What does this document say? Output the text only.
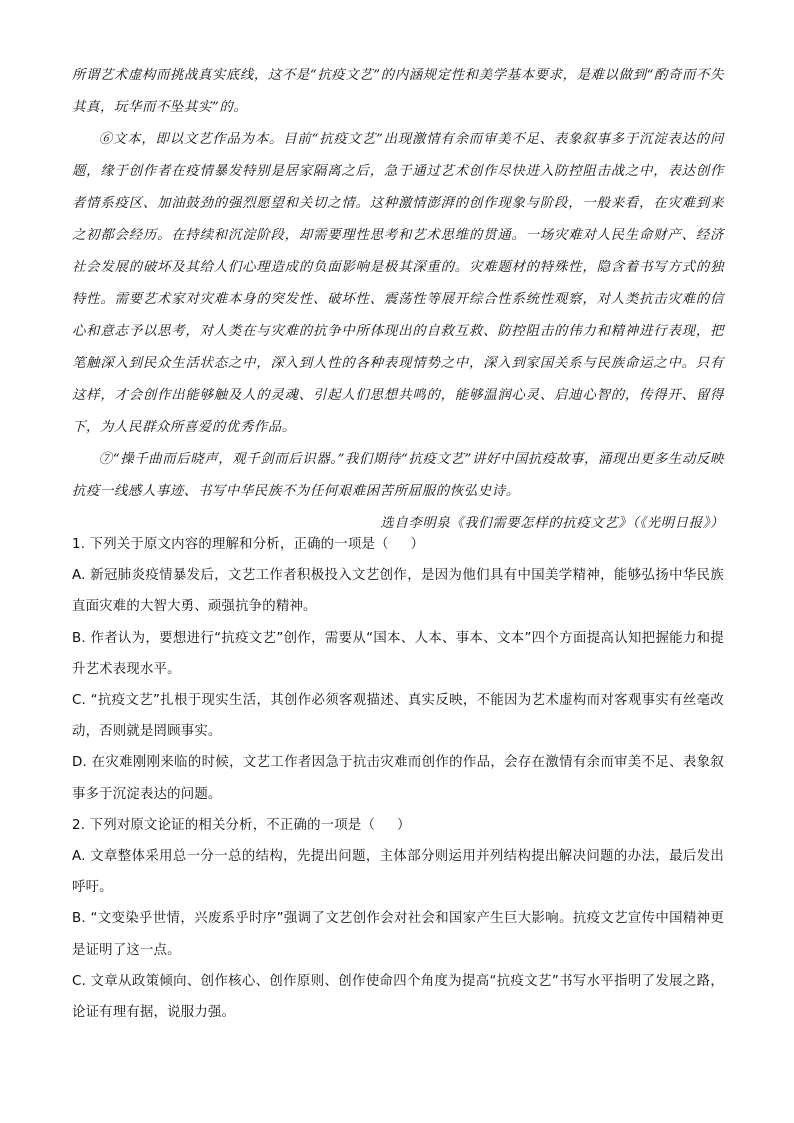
所谓艺术虚构而挑战真实底线，这不是“抗疫文艺”的内涵规定性和美学基本要求，是难以做到“酌奇而不失其真，玩华而不坠其实”的。

⑥文本，即以文艺作品为本。目前“抗疫文艺”出现激情有余而审美不足、表象叙事多于沉淀表达的问题，缘于创作者在疫情暴发特别是居家隔离之后，急于通过艺术创作尽快进入防控阻击战之中，表达创作者情系疫区、加油鼓劲的强烈愿望和关切之情。这种激情澎湃的创作现象与阶段，一般来看，在灾难到来之初都会经历。在持续和沉淀阶段，却需要理性思考和艺术思维的贯通。一场灾难对人民生命财产、经济社会发展的破坏及其给人们心理造成的负面影响是极其深重的。灾难题材的特殊性，隐含着书写方式的独特性。需要艺术家对灾难本身的突发性、破坏性、震荡性等展开综合性系统性观察，对人类抗击灾难的信心和意志予以思考，对人类在与灾难的抗争中所体现出的自救互救、防控阻击的伟力和精神进行表现，把笔触深入到民众生活状态之中，深入到人性的各种表现情势之中，深入到家国关系与民族命运之中。只有这样，才会创作出能够触及人的灵魂、引起人们思想共鸣的，能够温润心灵、启迪心智的，传得开、留得下，为人民群众所喜爱的优秀作品。

⑦“操千曲而后晓声，观千剑而后识器。”我们期待“抗疫文艺”讲好中国抗疫故事，涌现出更多生动反映抗疫一线感人事迹、书写中华民族不为任何艰难困苦所屈服的恢弘史诗。

选自李明泉《我们需要怎样的抗疫文艺》（《光明日报》）

1. 下列关于原文内容的理解和分析，正确的一项是（ ）

A. 新冠肺炎疫情暴发后，文艺工作者积极投入文艺创作，是因为他们具有中国美学精神，能够弘扬中华民族直面灾难的大智大勇、顽强抗争的精神。

B. 作者认为，要想进行“抗疫文艺”创作，需要从“国本、人本、事本、文本”四个方面提高认知把握能力和提升艺术表现水平。

C. “抗疫文艺”扎根于现实生活，其创作必须客观描述、真实反映，不能因为艺术虚构而对客观事实有丝毫改动，否则就是罔顾事实。

D. 在灾难刚刚来临的时候，文艺工作者因急于抗击灾难而创作的作品，会存在激情有余而审美不足、表象叙事多于沉淀表达的问题。

2. 下列对原文论证的相关分析，不正确的一项是（ ）

A. 文章整体采用总一分一总的结构，先提出问题，主体部分则运用并列结构提出解决问题的办法，最后发出呼吁。

B. “文变染乎世情，兴废系乎时序”强调了文艺创作会对社会和国家产生巨大影响。抗疫文艺宣传中国精神更是证明了这一点。

C. 文章从政策倾向、创作核心、创作原则、创作使命四个角度为提高“抗疫文艺”书写水平指明了发展之路，论证有理有据，说服力强。
